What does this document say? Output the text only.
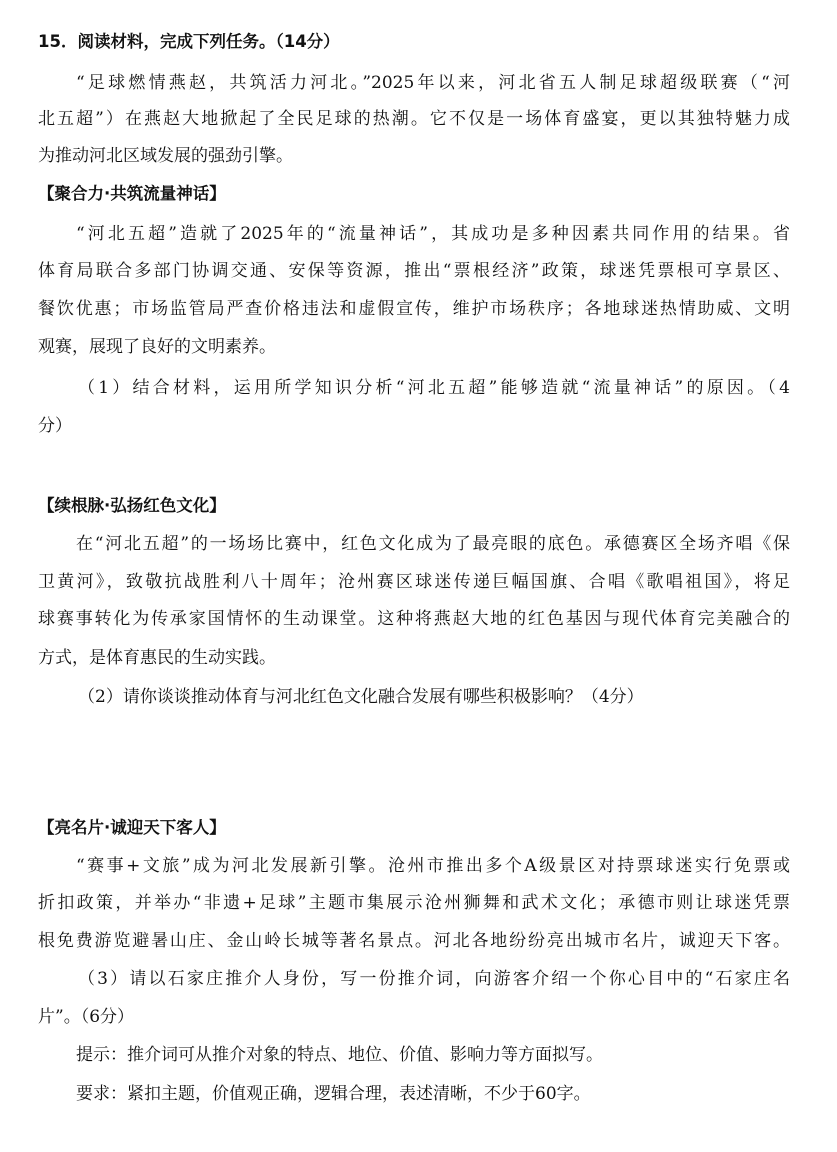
15．阅读材料，完成下列任务。（14分）
“足球燃情燕赵，共筑活力河北。”2025年以来，河北省五人制足球超级联赛（“河
北五超”）在燕赵大地掀起了全民足球的热潮。它不仅是一场体育盛宴，更以其独特魅力成
为推动河北区域发展的强劲引擎。
【聚合力·共筑流量神话】
“河北五超”造就了2025年的“流量神话”，其成功是多种因素共同作用的结果。省
体育局联合多部门协调交通、安保等资源，推出“票根经济”政策，球迷凭票根可享景区、
餐饮优惠；市场监管局严查价格违法和虚假宣传，维护市场秩序；各地球迷热情助威、文明
观赛，展现了良好的文明素养。
（1）结合材料，运用所学知识分析“河北五超”能够造就“流量神话”的原因。（4
分）
【续根脉·弘扬红色文化】
在“河北五超”的一场场比赛中，红色文化成为了最亮眼的底色。承德赛区全场齐唱《保
卫黄河》，致敬抗战胜利八十周年；沧州赛区球迷传递巨幅国旗、合唱《歌唱祖国》，将足
球赛事转化为传承家国情怀的生动课堂。这种将燕赵大地的红色基因与现代体育完美融合的
方式，是体育惠民的生动实践。
（2）请你谈谈推动体育与河北红色文化融合发展有哪些积极影响？（4分）
【亮名片·诚迎天下客人】
“赛事+文旅”成为河北发展新引擎。沧州市推出多个A级景区对持票球迷实行免票或
折扣政策，并举办“非遗+足球”主题市集展示沧州狮舞和武术文化；承德市则让球迷凭票
根免费游览避暑山庄、金山岭长城等著名景点。河北各地纷纷亮出城市名片，诚迎天下客。
（3）请以石家庄推介人身份，写一份推介词，向游客介绍一个你心目中的“石家庄名
片”。（6分）
提示：推介词可从推介对象的特点、地位、价值、影响力等方面拟写。
要求：紧扣主题，价值观正确，逻辑合理，表述清晰，不少于60字。
